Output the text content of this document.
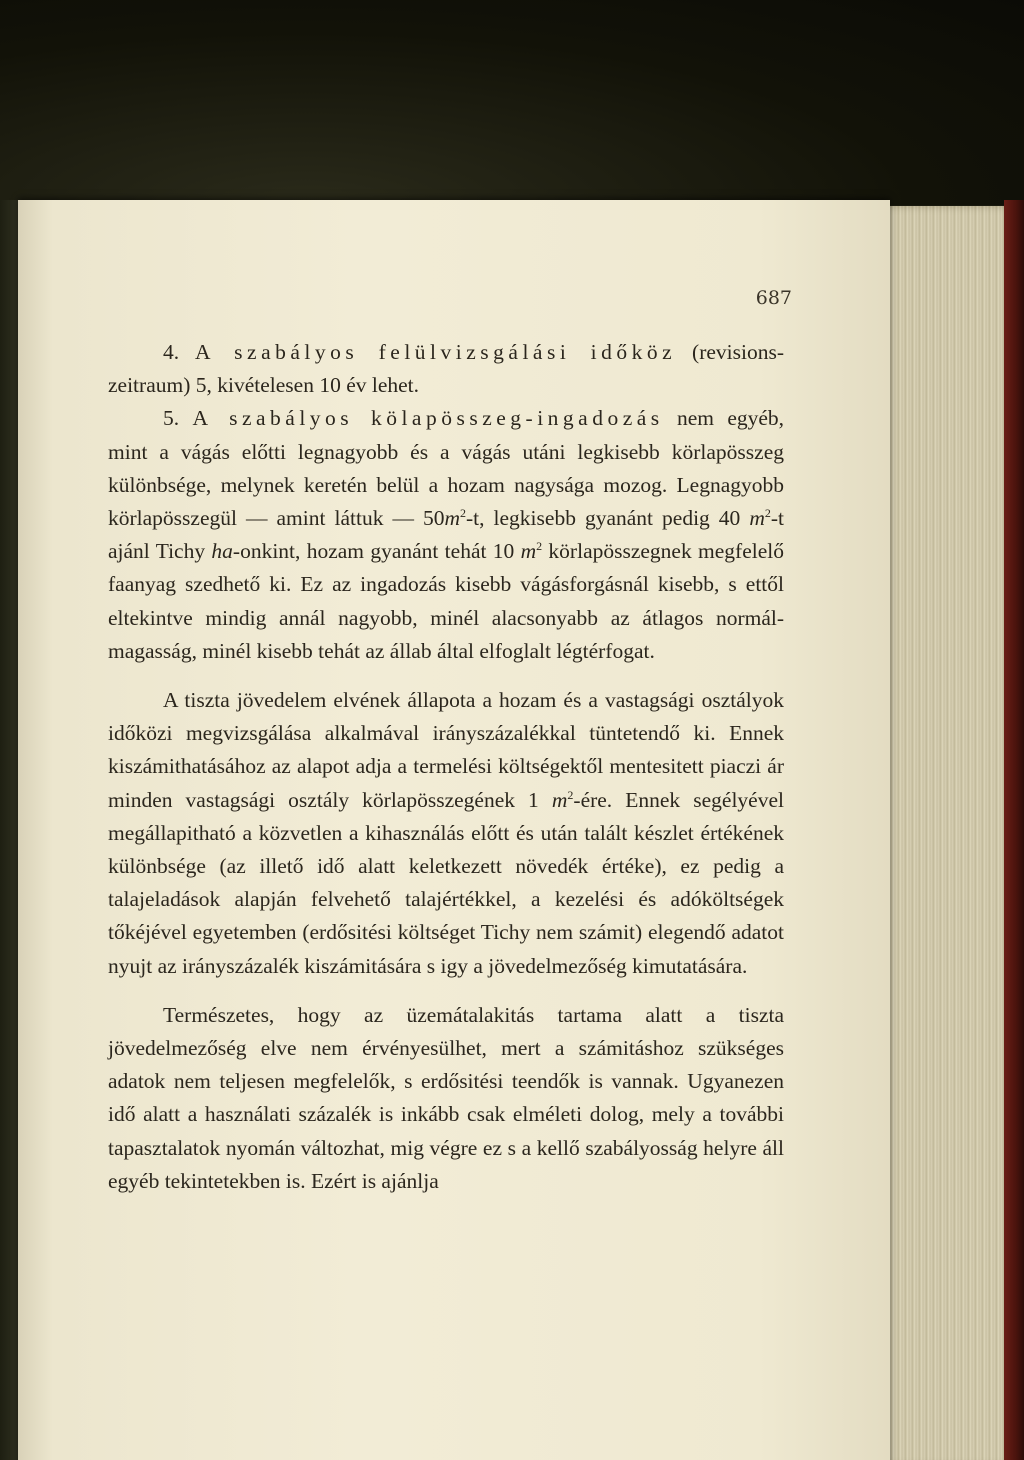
687

4. A szabályos felülvizsgálási időköz (revisions-zeitraum) 5, kivételesen 10 év lehet.

5. A szabályos kölapösszeg-ingadozás nem egyéb, mint a vágás előtti legnagyobb és a vágás utáni legkisebb körlapösszeg különbsége, melynek keretén belül a hozam nagysága mozog. Legnagyobb körlapösszegül — amint láttuk — $50m^2-t$, legkisebb gyanánt pedig 40 $m^2-t$ ajánl Tichy ha-onkint, hozam gyanánt tehát 10 $m^2$ körlapösszegnek megfelelő faanyag szedhető ki. Ez az ingadozás kisebb vágásforgásnál kisebb, s ettől eltekintve mindig annál nagyobb, minél alacsonyabb az átlagos normál-magasság, minél kisebb tehát az állab által elfoglalt légtérfogat.

A tiszta jövedelem elvének állapota a hozam és a vastagsági osztályok időközi megvizsgálása alkalmával irányszázalékkal tüntetendő ki. Ennek kiszámithatásához az alapot adja a termelési költségektől mentesitett piaczi ár minden vastagsági osztály körlapösszegének 1 $m^2$-ére. Ennek segélyével megállapitható a közvetlen a kihasználás előtt és után talált készlet értékének különbsége (az illető idő alatt keletkezett növedék értéke), ez pedig a talajeladások alapján felvehető talajértékkel, a kezelési és adóköltségek tőkéjével egyetemben (erdősitési költséget Tichy nem számit) elegendő adatot nyujt az irányszázalék kiszámitására s igy a jövedelmezőség kimutatására.

Természetes, hogy az üzemátalakitás tartama alatt a tiszta jövedelmezőség elve nem érvényesülhet, mert a számitáshoz szükséges adatok nem teljesen megfelelők, s erdősitési teendők is vannak. Ugyanezen idő alatt a használati százalék is inkább csak elméleti dolog, mely a további tapasztalatok nyomán változhat, mig végre ez s a kellő szabályosság helyre áll egyéb tekintetekben is. Ezért is ajánlja
